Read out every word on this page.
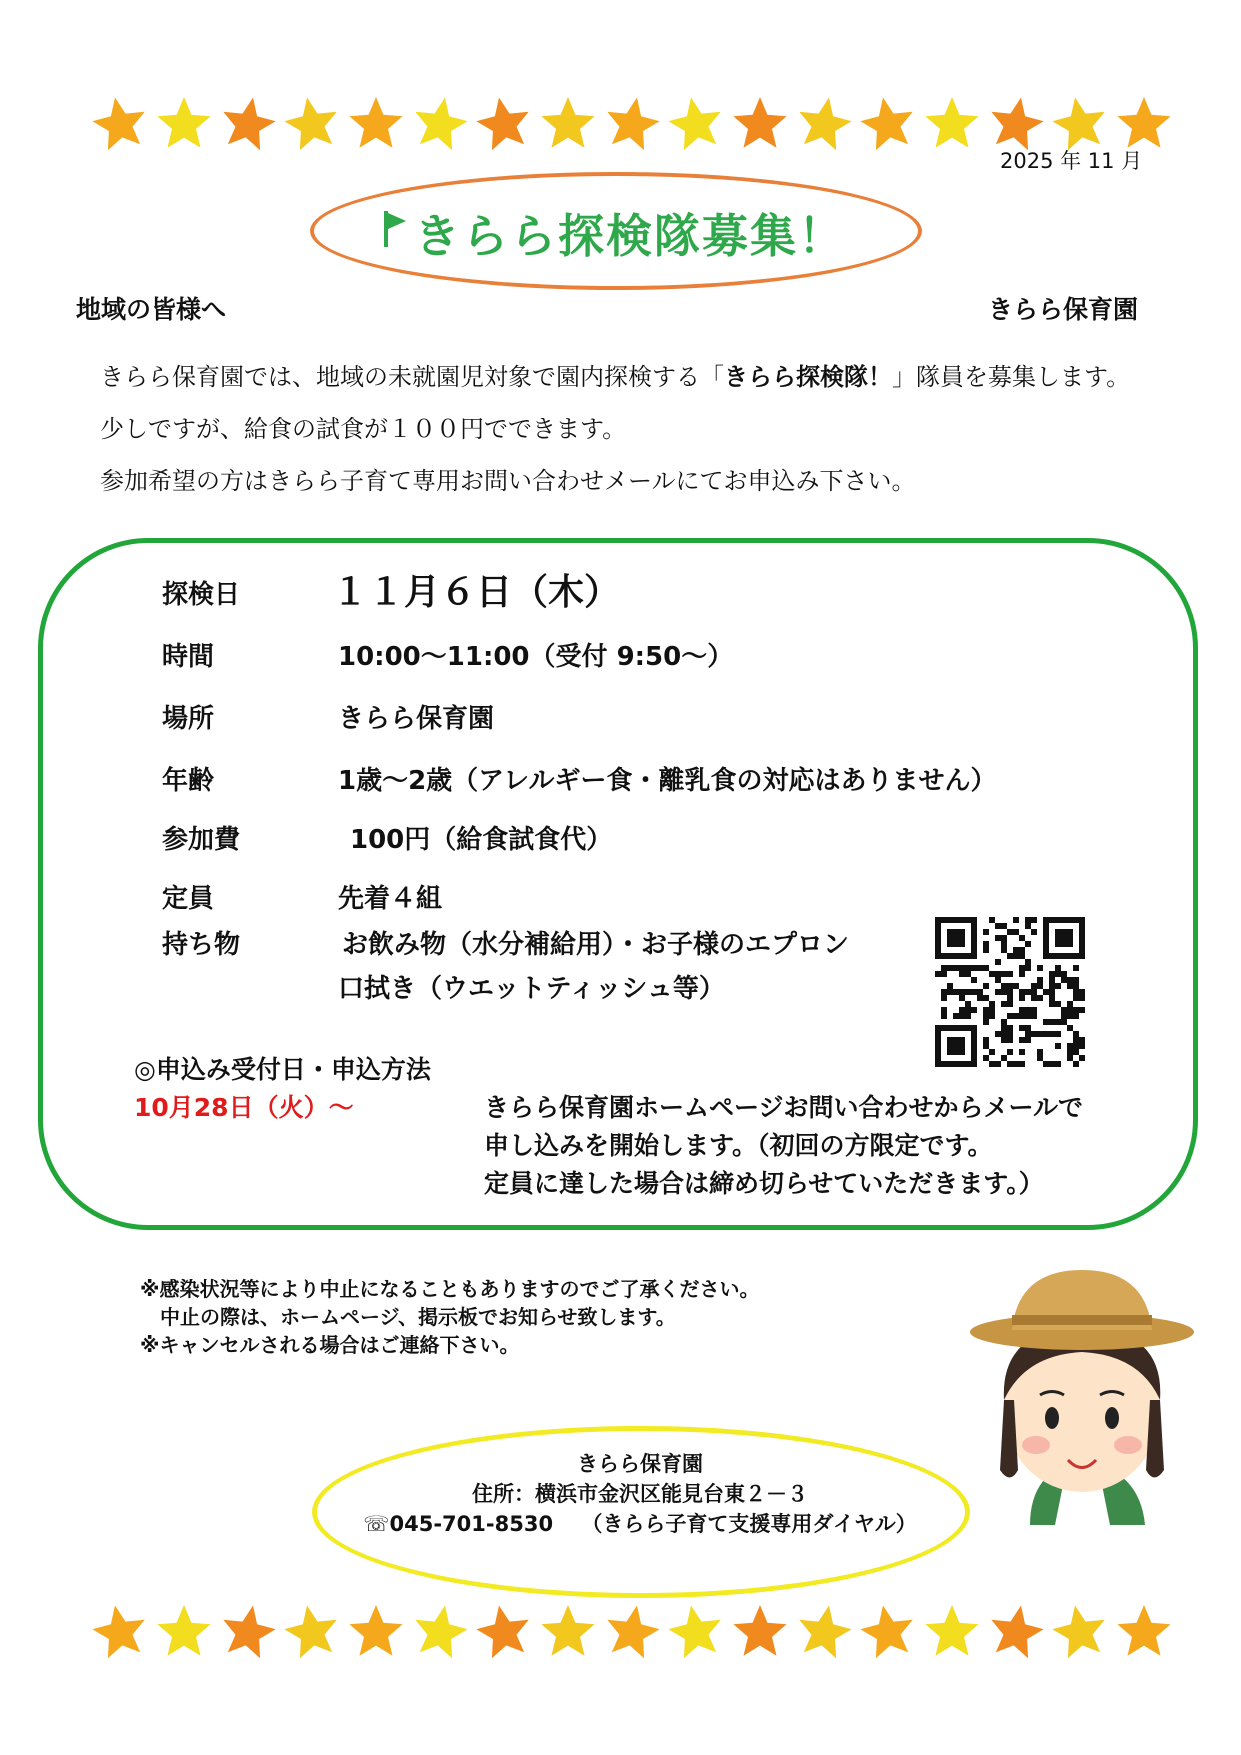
2025 年 11 月
きらら探検隊募集！
地域の皆様へ	きらら保育園
きらら保育園では、地域の未就園児対象で園内探検する「きらら探検隊！」隊員を募集します。
少しですが、給食の試食が１００円でできます。
参加希望の方はきらら子育て専用お問い合わせメールにてお申込み下さい。
探検日	１１月６日（木）
時間	10:00～11:00（受付 9:50～）
場所	きらら保育園
年齢	1歳～2歳（アレルギー食・離乳食の対応はありません）
参加費	100円（給食試食代）
定員	先着４組
持ち物	お飲み物（水分補給用）・お子様のエプロン
口拭き（ウエットティッシュ等）
◎申込み受付日・申込方法
10月28日（火）～	きらら保育園ホームページお問い合わせからメールで
申し込みを開始します。（初回の方限定です。
定員に達した場合は締め切らせていただきます。）
※感染状況等により中止になることもありますのでご了承ください。
　中止の際は、ホームページ、掲示板でお知らせ致します。
※キャンセルされる場合はご連絡下さい。
きらら保育園
住所：横浜市金沢区能見台東２－３
☏045-701-8530　 （きらら子育て支援専用ダイヤル）
